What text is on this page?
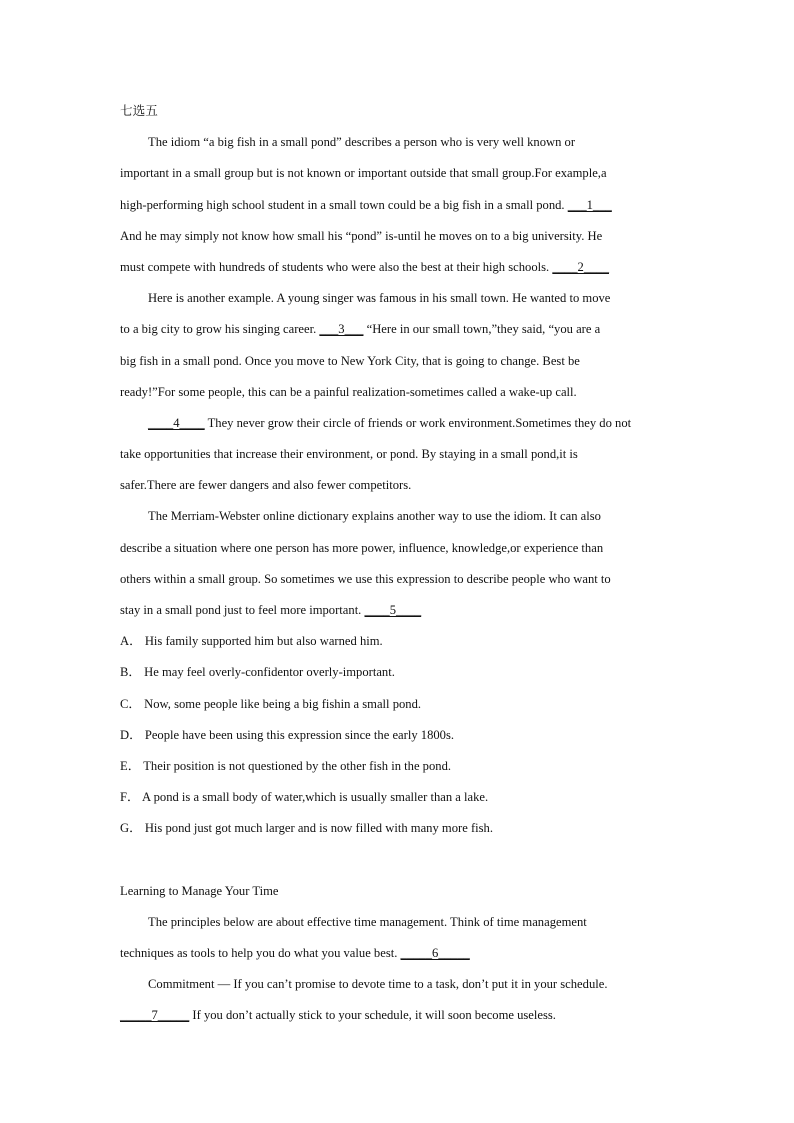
七选五
The idiom “a big fish in a small pond” describes a person who is very well known or
important in a small group but is not known or important outside that small group.For example,a
high-performing high school student in a small town could be a big fish in a small pond. ___1___
And he may simply not know how small his “pond” is-until he moves on to a big university. He
must compete with hundreds of students who were also the best at their high schools. ____2____
Here is another example. A young singer was famous in his small town. He wanted to move
to a big city to grow his singing career. ___3___ “Here in our small town,”they said, “you are a
big fish in a small pond. Once you move to New York City, that is going to change. Best be
ready!”For some people, this can be a painful realization-sometimes called a wake-up call.
____4____ They never grow their circle of friends or work environment.Sometimes they do not
take opportunities that increase their environment, or pond. By staying in a small pond,it is
safer.There are fewer dangers and also fewer competitors.
The Merriam-Webster online dictionary explains another way to use the idiom. It can also
describe a situation where one person has more power, influence, knowledge,or experience than
others within a small group. So sometimes we use this expression to describe people who want to
stay in a small pond just to feel more important. ____5____
A． His family supported him but also warned him.
B． He may feel overly-confidentor overly-important.
C． Now, some people like being a big fishin a small pond.
D． People have been using this expression since the early 1800s.
E． Their position is not questioned by the other fish in the pond.
F． A pond is a small body of water,which is usually smaller than a lake.
G． His pond just got much larger and is now filled with many more fish.
Learning to Manage Your Time
The principles below are about effective time management. Think of time management
techniques as tools to help you do what you value best. _____6_____
Commitment — If you can’t promise to devote time to a task, don’t put it in your schedule.
_____7_____ If you don’t actually stick to your schedule, it will soon become useless.
